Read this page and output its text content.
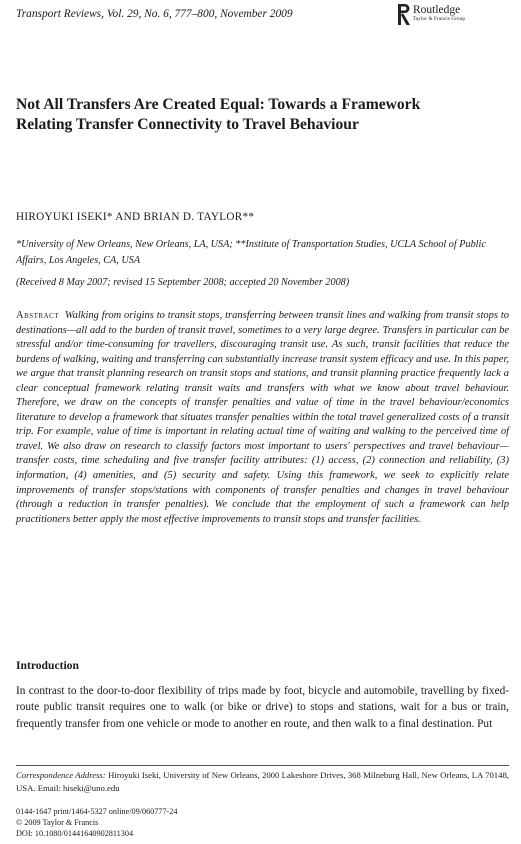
Transport Reviews, Vol. 29, No. 6, 777–800, November 2009	Routledge
Taylor & Francis Group
Not All Transfers Are Created Equal: Towards a Framework Relating Transfer Connectivity to Travel Behaviour
HIROYUKI ISEKI* AND BRIAN D. TAYLOR**
*University of New Orleans, New Orleans, LA, USA; **Institute of Transportation Studies, UCLA School of Public Affairs, Los Angeles, CA, USA
(Received 8 May 2007; revised 15 September 2008; accepted 20 November 2008)
Abstract Walking from origins to transit stops, transferring between transit lines and walking from transit stops to destinations—all add to the burden of transit travel, sometimes to a very large degree. Transfers in particular can be stressful and/or time-consuming for travellers, discouraging transit use. As such, transit facilities that reduce the burdens of walking, waiting and transferring can substantially increase transit system efficacy and use. In this paper, we argue that transit planning research on transit stops and stations, and transit planning practice frequently lack a clear conceptual framework relating transit waits and transfers with what we know about travel behaviour. Therefore, we draw on the concepts of transfer penalties and value of time in the travel behaviour/economics literature to develop a framework that situates transfer penalties within the total travel generalized costs of a transit trip. For example, value of time is important in relating actual time of waiting and walking to the perceived time of travel. We also draw on research to classify factors most important to users' perspectives and travel behaviour—transfer costs, time scheduling and five transfer facility attributes: (1) access, (2) connection and reliability, (3) information, (4) amenities, and (5) security and safety. Using this framework, we seek to explicitly relate improvements of transfer stops/stations with components of transfer penalties and changes in travel behaviour (through a reduction in transfer penalties). We conclude that the employment of such a framework can help practitioners better apply the most effective improvements to transit stops and transfer facilities.
Introduction
In contrast to the door-to-door flexibility of trips made by foot, bicycle and automobile, travelling by fixed-route public transit requires one to walk (or bike or drive) to stops and stations, wait for a bus or train, frequently transfer from one vehicle or mode to another en route, and then walk to a final destination. Put
Correspondence Address: Hiroyuki Iseki, University of New Orleans, 2000 Lakeshore Drives, 368 Milneburg Hall, New Orleans, LA 70148, USA. Email: hiseki@uno.edu
0144-1647 print/1464-5327 online/09/060777-24
© 2009 Taylor & Francis
DOI: 10.1080/01441640902811304
